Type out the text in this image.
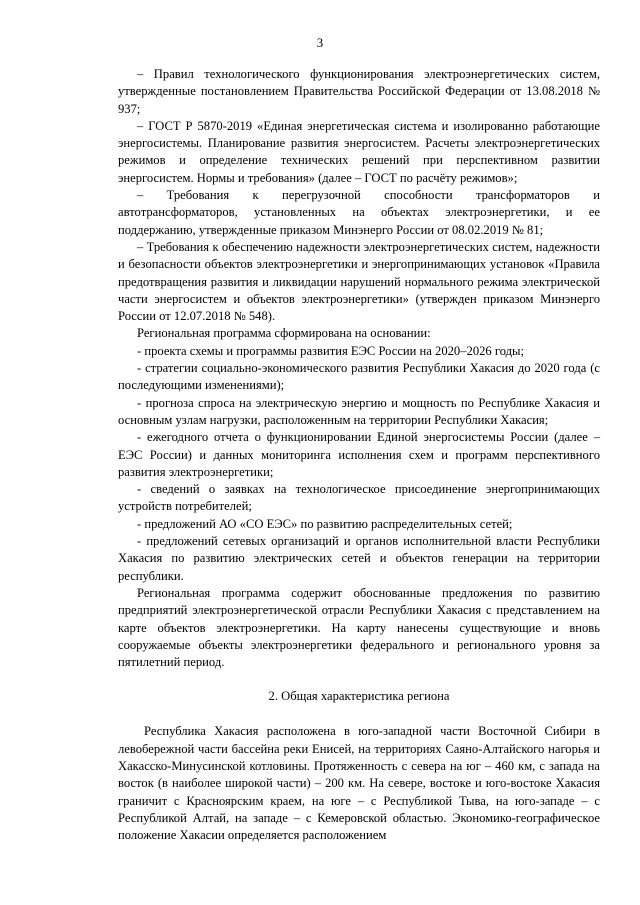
3

– Правил технологического функционирования электроэнергетических систем, утвержденные постановлением Правительства Российской Федерации от 13.08.2018 № 937;

– ГОСТ Р 5870-2019 «Единая энергетическая система и изолированно работающие энергосистемы. Планирование развития энергосистем. Расчеты электроэнергетических режимов и определение технических решений при перспективном развитии энергосистем. Нормы и требования» (далее – ГОСТ по расчёту режимов»;

– Требования к перегрузочной способности трансформаторов и автотрансформаторов, установленных на объектах электроэнергетики, и ее поддержанию, утвержденные приказом Минэнерго России от 08.02.2019 № 81;

– Требования к обеспечению надежности электроэнергетических систем, надежности и безопасности объектов электроэнергетики и энергопринимающих установок «Правила предотвращения развития и ликвидации нарушений нормального режима электрической части энергосистем и объектов электроэнергетики» (утвержден приказом Минэнерго России от 12.07.2018 № 548).

Региональная программа сформирована на основании:

- проекта схемы и программы развития ЕЭС России на 2020–2026 годы;

- стратегии социально-экономического развития Республики Хакасия до 2020 года (с последующими изменениями);

- прогноза спроса на электрическую энергию и мощность по Республике Хакасия и основным узлам нагрузки, расположенным на территории Республики Хакасия;

- ежегодного отчета о функционировании Единой энергосистемы России (далее – ЕЭС России) и данных мониторинга исполнения схем и программ перспективного развития электроэнергетики;

- сведений о заявках на технологическое присоединение энергопринимающих устройств потребителей;

- предложений АО «СО ЕЭС» по развитию распределительных сетей;

- предложений сетевых организаций и органов исполнительной власти Республики Хакасия по развитию электрических сетей и объектов генерации на территории республики.

Региональная программа содержит обоснованные предложения по развитию предприятий электроэнергетической отрасли Республики Хакасия с представлением на карте объектов электроэнергетики. На карту нанесены существующие и вновь сооружаемые объекты электроэнергетики федерального и регионального уровня за пятилетний период.

2. Общая характеристика региона

Республика Хакасия расположена в юго-западной части Восточной Сибири в левобережной части бассейна реки Енисей, на территориях Саяно-Алтайского нагорья и Хакасско-Минусинской котловины. Протяженность с севера на юг – 460 км, с запада на восток (в наиболее широкой части) – 200 км. На севере, востоке и юго-востоке Хакасия граничит с Красноярским краем, на юге – с Республикой Тыва, на юго-западе – с Республикой Алтай, на западе – с Кемеровской областью. Экономико-географическое положение Хакасии определяется расположением
